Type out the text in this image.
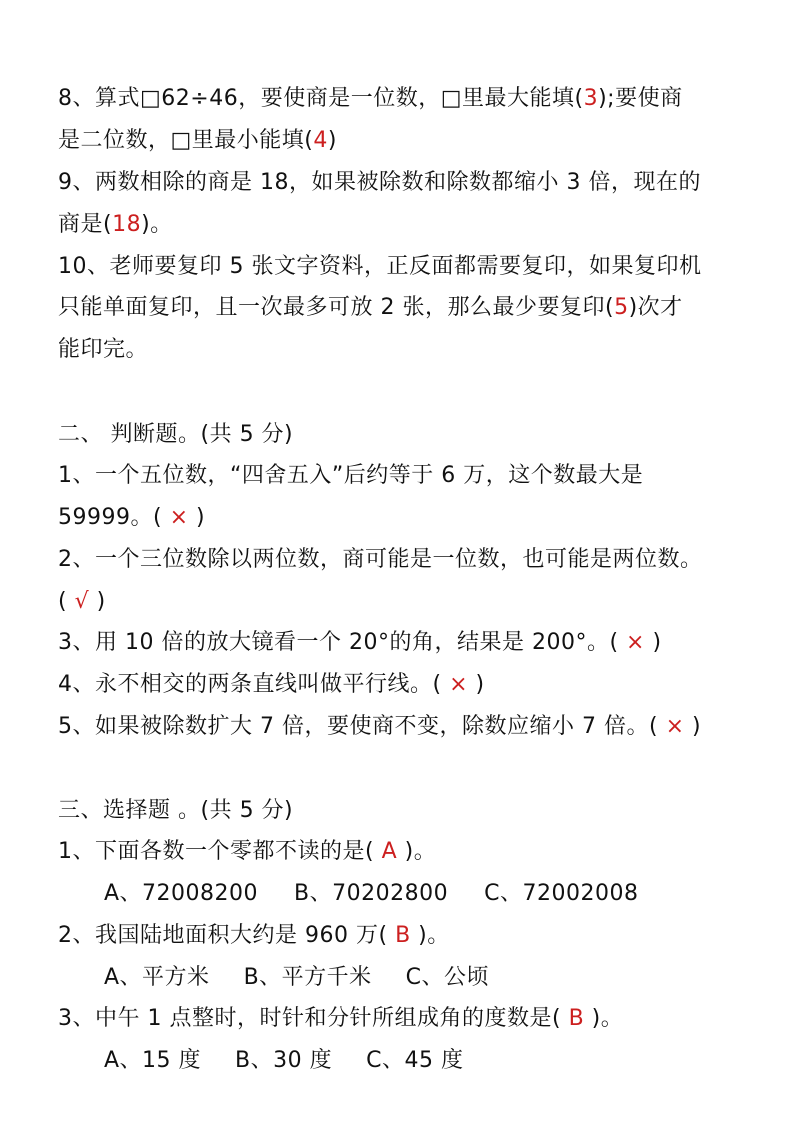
8、算式□62÷46，要使商是一位数，□里最大能填(3);要使商
是二位数，□里最小能填(4)
9、两数相除的商是 18，如果被除数和除数都缩小 3 倍，现在的
商是(18)。
10、老师要复印 5 张文字资料，正反面都需要复印，如果复印机
只能单面复印，且一次最多可放 2 张，那么最少要复印(5)次才
能印完。
二、 判断题。(共 5 分)
1、一个五位数，“四舍五入”后约等于 6 万，这个数最大是
59999。( × )
2、一个三位数除以两位数，商可能是一位数，也可能是两位数。
( √ )
3、用 10 倍的放大镜看一个 20°的角，结果是 200°。( × )
4、永不相交的两条直线叫做平行线。( × )
5、如果被除数扩大 7 倍，要使商不变，除数应缩小 7 倍。( × )
三、选择题 。(共 5 分)
1、下面各数一个零都不读的是( A )。
A、72008200 B、70202800 C、72002008
2、我国陆地面积大约是 960 万( B )。
A、平方米 B、平方千米 C、公顷
3、中午 1 点整时，时针和分针所组成角的度数是( B )。
A、15 度 B、30 度 C、45 度
